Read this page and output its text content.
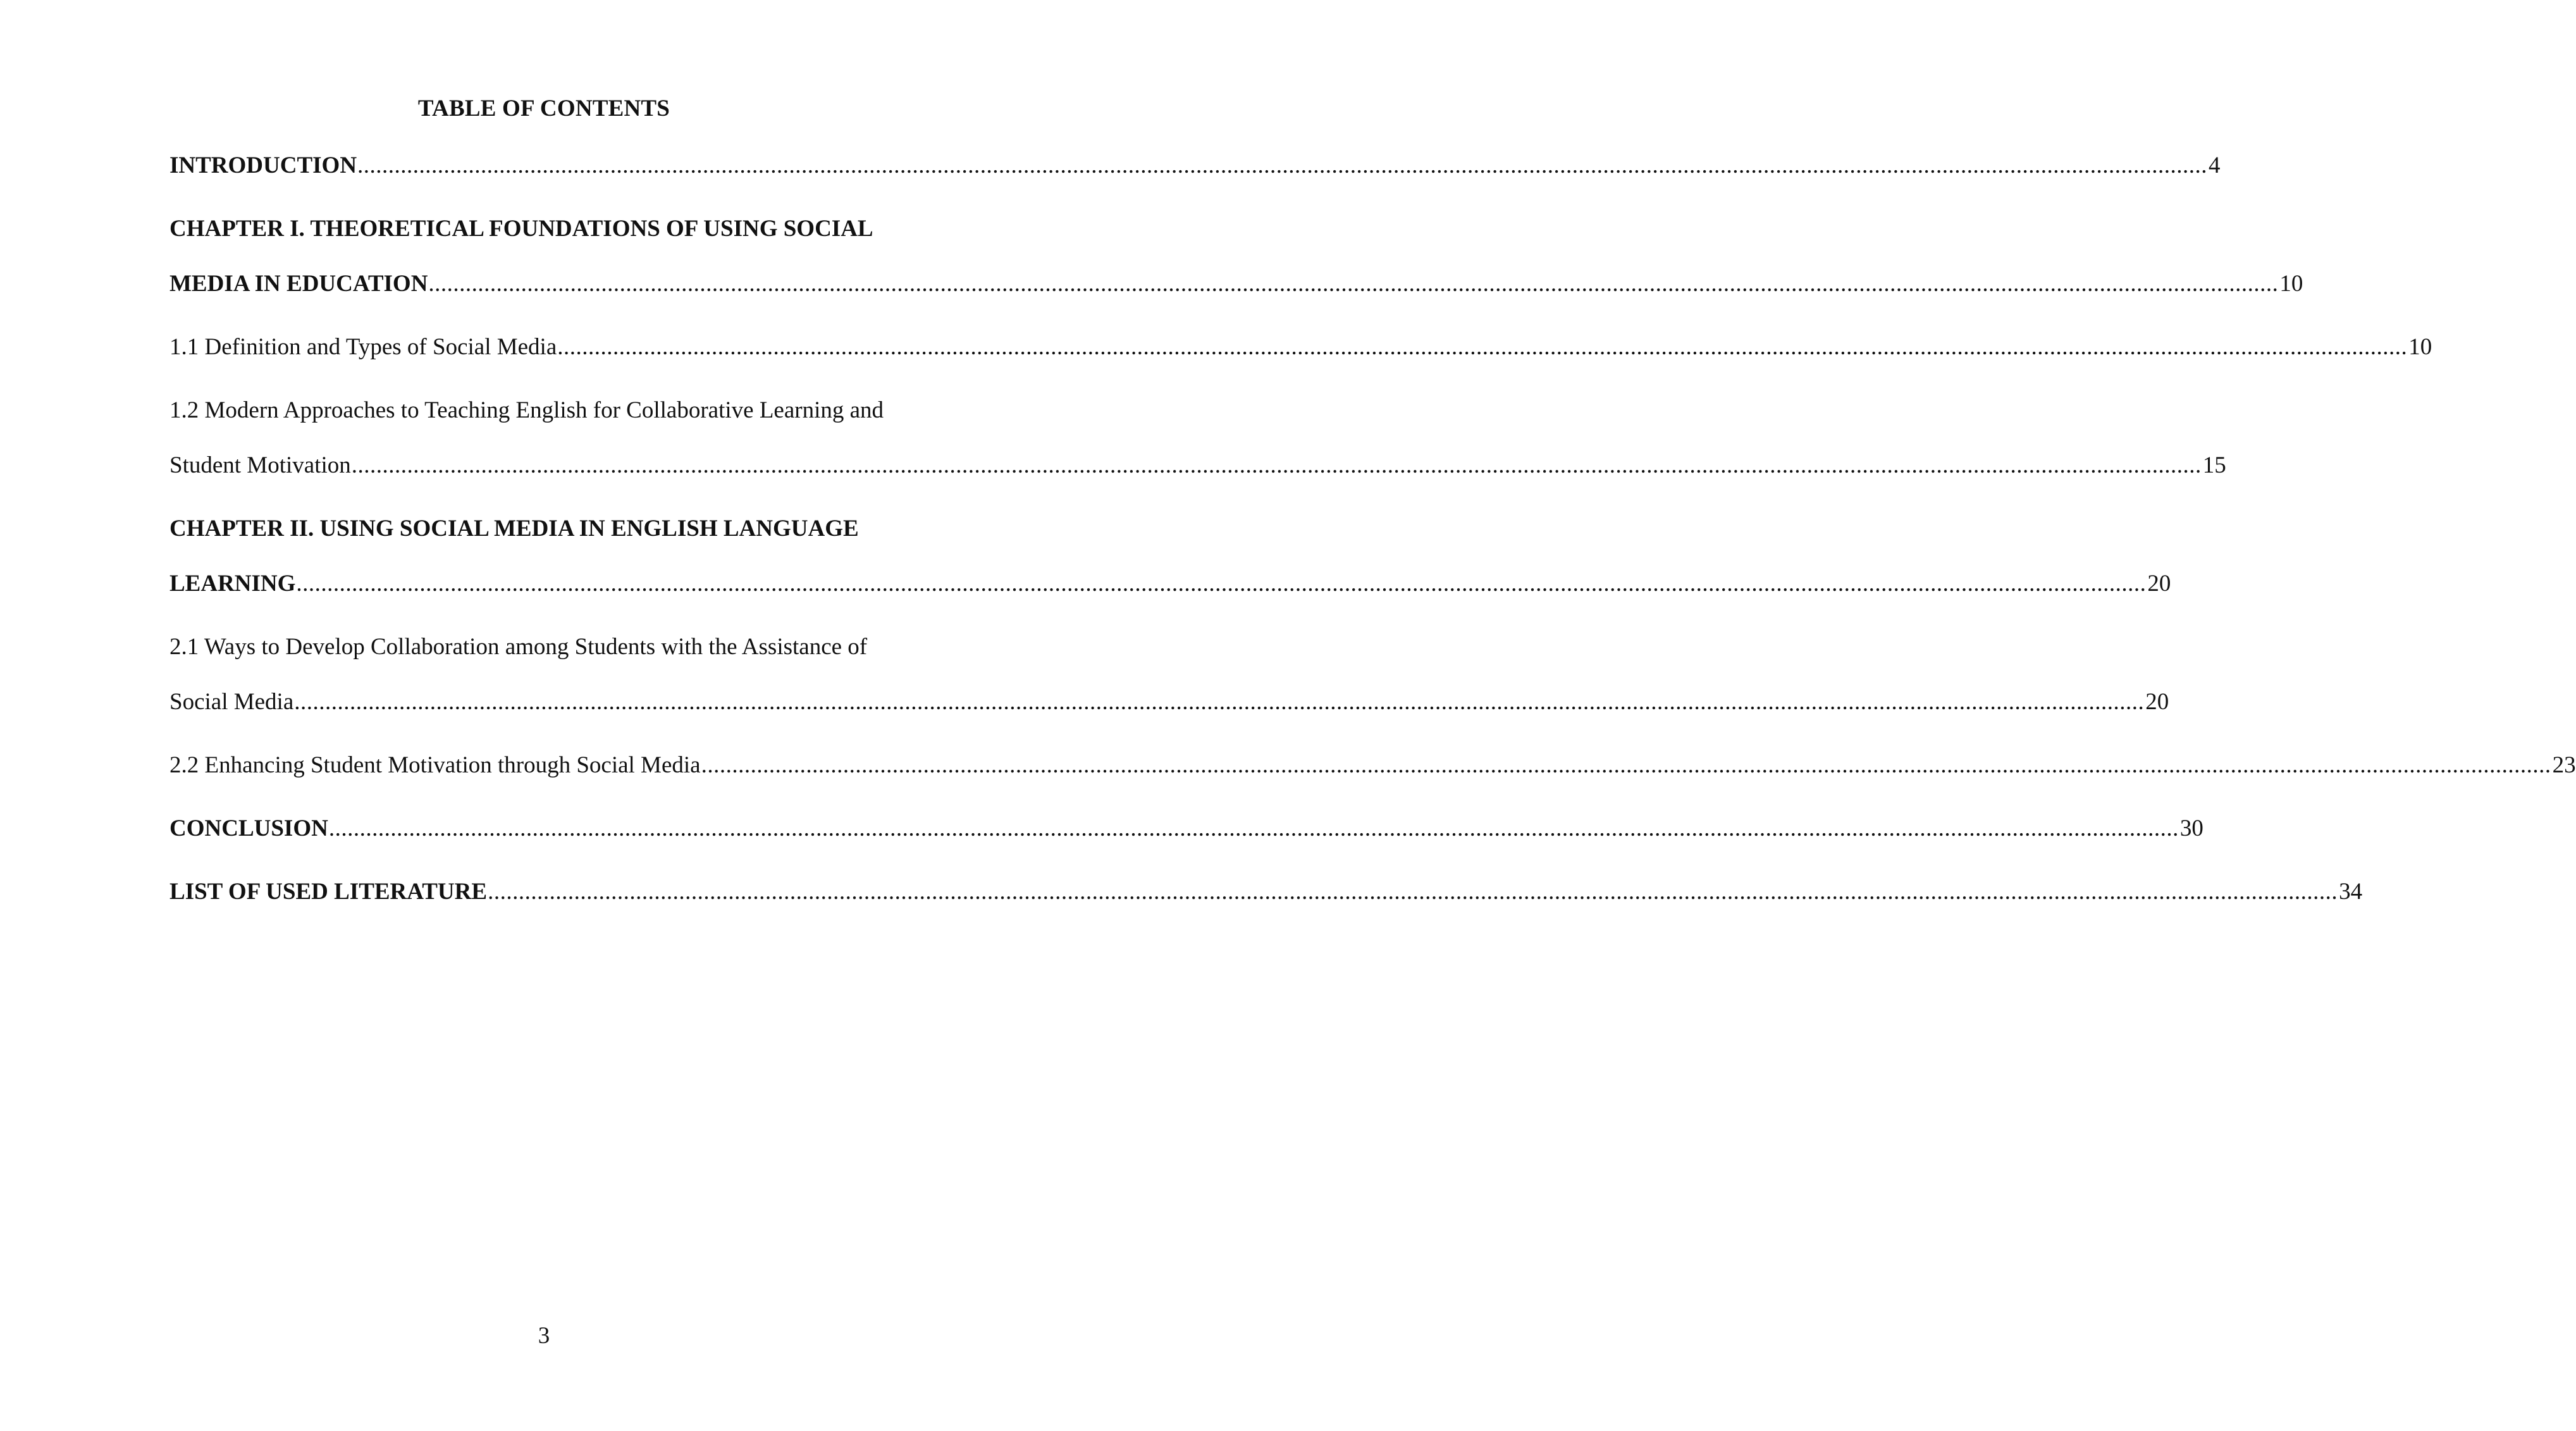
TABLE OF CONTENTS
INTRODUCTION ............................................................................................................................................................................................................................................................................................................ 4
CHAPTER I. THEORETICAL FOUNDATIONS OF USING SOCIAL
MEDIA IN EDUCATION ............................................................................................................................................................................................................................................................................................................ 10
1.1 Definition and Types of Social Media ............................................................................................................................................................................................................................................................................................................ 10
1.2 Modern Approaches to Teaching English for Collaborative Learning and
Student Motivation ............................................................................................................................................................................................................................................................................................................ 15
CHAPTER II. USING SOCIAL MEDIA IN ENGLISH LANGUAGE
LEARNING ............................................................................................................................................................................................................................................................................................................ 20
2.1 Ways to Develop Collaboration among Students with the Assistance of
Social Media ............................................................................................................................................................................................................................................................................................................ 20
2.2 Enhancing Student Motivation through Social Media ............................................................................................................................................................................................................................................................................................................ 23
CONCLUSION ............................................................................................................................................................................................................................................................................................................ 30
LIST OF USED LITERATURE ............................................................................................................................................................................................................................................................................................................ 34
3
